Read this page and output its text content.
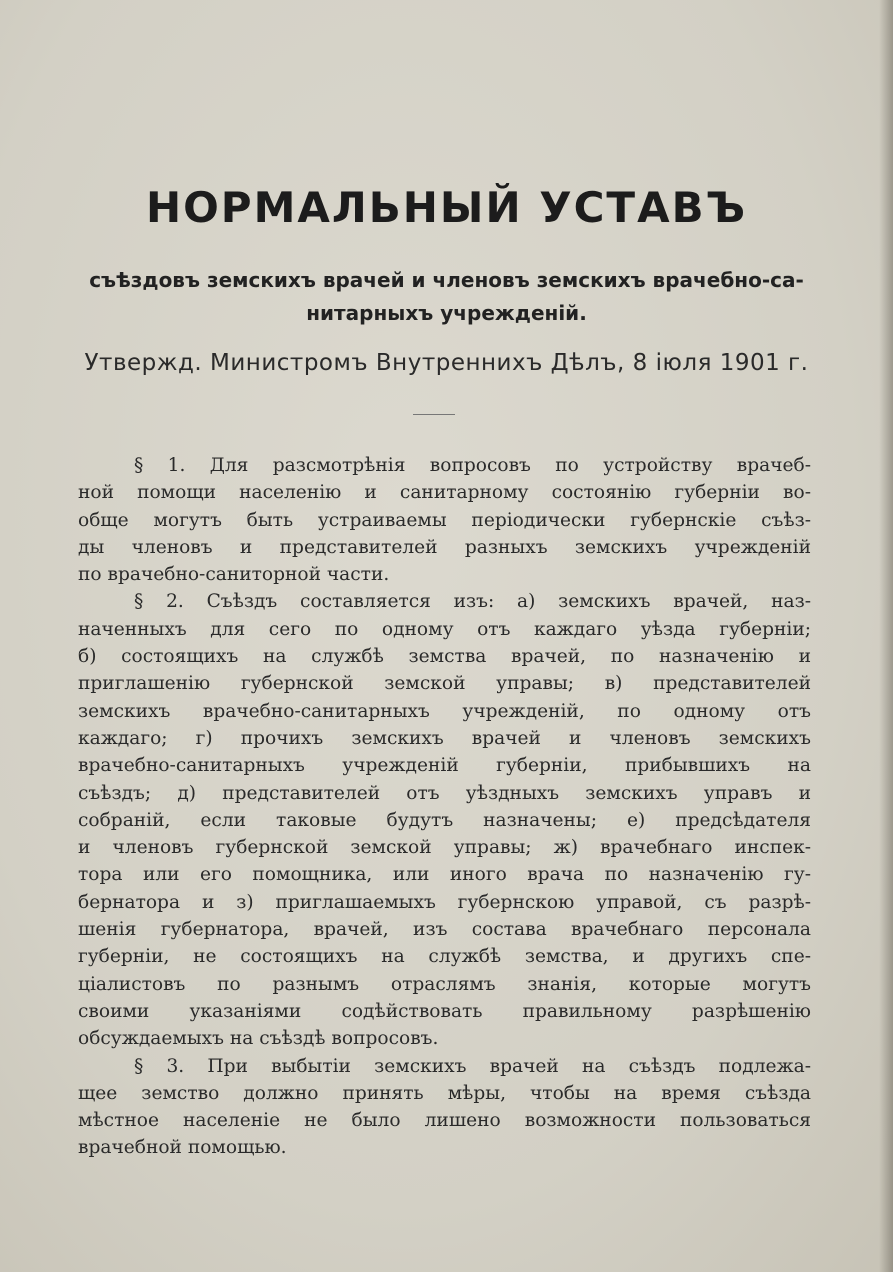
НОРМАЛЬНЫЙ УСТАВЪ
съѣздовъ земскихъ врачей и членовъ земскихъ врачебно-са-
нитарныхъ учрежденій.
Утвержд. Министромъ Внутреннихъ Дѣлъ, 8 іюля 1901 г.
§ 1. Для разсмотрѣнія вопросовъ по устройству врачеб-
ной помощи населенію и санитарному состоянію губерніи во-
обще могутъ быть устраиваемы періодически губернскіе съѣз-
ды членовъ и представителей разныхъ земскихъ учрежденій
по врачебно-саниторной части.
§ 2. Съѣздъ составляется изъ: а) земскихъ врачей, наз-
наченныхъ для сего по одному отъ каждаго уѣзда губерніи;
б) состоящихъ на службѣ земства врачей, по назначенію и
приглашенію губернской земской управы; в) представителей
земскихъ врачебно-санитарныхъ учрежденій, по одному отъ
каждаго; г) прочихъ земскихъ врачей и членовъ земскихъ
врачебно-санитарныхъ учрежденій губерніи, прибывшихъ на
съѣздъ; д) представителей отъ уѣздныхъ земскихъ управъ и
собраній, если таковые будутъ назначены; е) предсѣдателя
и членовъ губернской земской управы; ж) врачебнаго инспек-
тора или его помощника, или иного врача по назначенію гу-
бернатора и з) приглашаемыхъ губернскою управой, съ разрѣ-
шенія губернатора, врачей, изъ состава врачебнаго персонала
губерніи, не состоящихъ на службѣ земства, и другихъ спе-
ціалистовъ по разнымъ отраслямъ знанія, которые могутъ
своими указаніями содѣйствовать правильному разрѣшенію
обсуждаемыхъ на съѣздѣ вопросовъ.
§ 3. При выбытіи земскихъ врачей на съѣздъ подлежа-
щее земство должно принять мѣры, чтобы на время съѣзда
мѣстное населеніе не было лишено возможности пользоваться
врачебной помощью.
